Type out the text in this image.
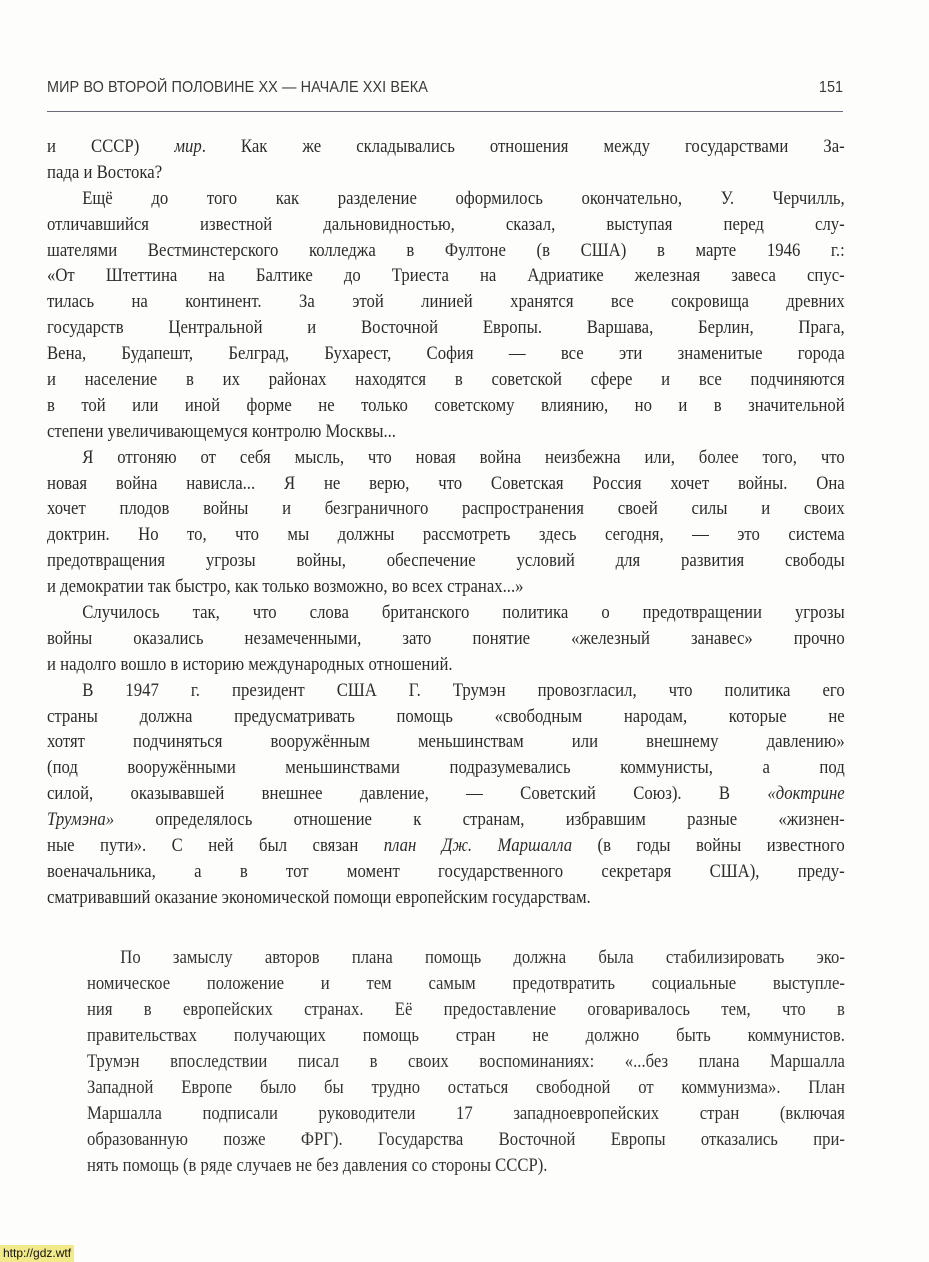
МИР ВО ВТОРОЙ ПОЛОВИНЕ XX — НАЧАЛЕ XXI ВЕКА	151
и СССР) мир. Как же складывались отношения между государствами За-
пада и Востока?
Ещё до того как разделение оформилось окончательно, У. Черчилль,
отличавшийся известной дальновидностью, сказал, выступая перед слу-
шателями Вестминстерского колледжа в Фултоне (в США) в марте 1946 г.:
«От Штеттина на Балтике до Триеста на Адриатике железная завеса спус-
тилась на континент. За этой линией хранятся все сокровища древних
государств Центральной и Восточной Европы. Варшава, Берлин, Прага,
Вена, Будапешт, Белград, Бухарест, София — все эти знаменитые города
и население в их районах находятся в советской сфере и все подчиняются
в той или иной форме не только советскому влиянию, но и в значительной
степени увеличивающемуся контролю Москвы...
Я отгоняю от себя мысль, что новая война неизбежна или, более того, что
новая война нависла... Я не верю, что Советская Россия хочет войны. Она
хочет плодов войны и безграничного распространения своей силы и своих
доктрин. Но то, что мы должны рассмотреть здесь сегодня, — это система
предотвращения угрозы войны, обеспечение условий для развития свободы
и демократии так быстро, как только возможно, во всех странах...»
Случилось так, что слова британского политика о предотвращении угрозы
войны оказались незамеченными, зато понятие «железный занавес» прочно
и надолго вошло в историю международных отношений.
В 1947 г. президент США Г. Трумэн провозгласил, что политика его
страны должна предусматривать помощь «свободным народам, которые не
хотят подчиняться вооружённым меньшинствам или внешнему давлению»
(под вооружёнными меньшинствами подразумевались коммунисты, а под
силой, оказывавшей внешнее давление, — Советский Союз). В «доктрине
Трумэна» определялось отношение к странам, избравшим разные «жизнен-
ные пути». С ней был связан план Дж. Маршалла (в годы войны известного
военачальника, а в тот момент государственного секретаря США), преду-
сматривавший оказание экономической помощи европейским государствам.
По замыслу авторов плана помощь должна была стабилизировать эко-
номическое положение и тем самым предотвратить социальные выступле-
ния в европейских странах. Её предоставление оговаривалось тем, что в
правительствах получающих помощь стран не должно быть коммунистов.
Трумэн впоследствии писал в своих воспоминаниях: «...без плана Маршалла
Западной Европе было бы трудно остаться свободной от коммунизма». План
Маршалла подписали руководители 17 западноевропейских стран (включая
образованную позже ФРГ). Государства Восточной Европы отказались при-
нять помощь (в ряде случаев не без давления со стороны СССР).
http://gdz.wtf
